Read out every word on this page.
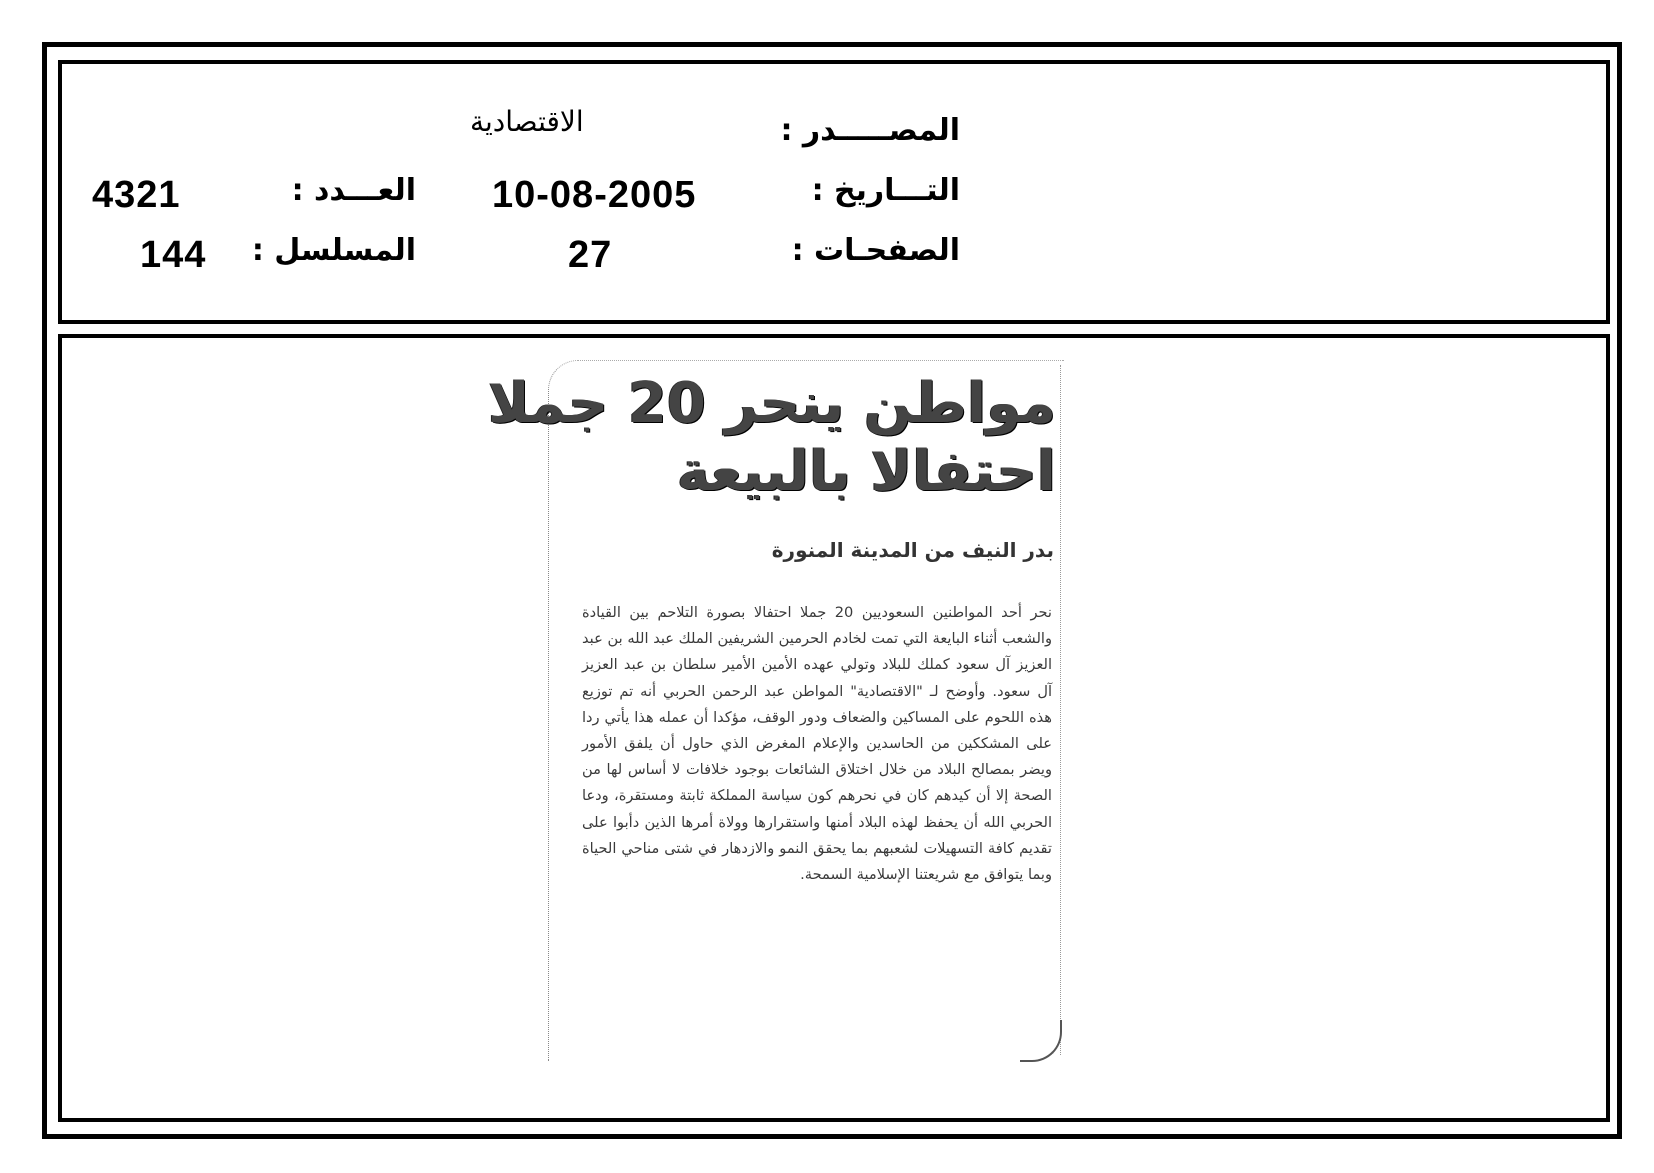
المصـــــدر :
الاقتصادية
التـــاريخ :
10-08-2005
العـــدد :
4321
الصفحـات :
27
المسلسل :
144
مواطن ينحر 20 جملا
احتفالا بالبيعة
بدر النيف من المدينة المنورة
نحر أحد المواطنين السعوديين 20 جملا احتفالا بصورة التلاحم بين القيادة والشعب أثناء البايعة التي تمت لخادم الحرمين الشريفين الملك عبد الله بن عبد العزيز آل سعود كملك للبلاد وتولي عهده الأمين الأمير سلطان بن عبد العزيز آل سعود. وأوضح لـ "الاقتصادية" المواطن عبد الرحمن الحربي أنه تم توزيع هذه اللحوم على المساكين والضعاف ودور الوقف، مؤكدا أن عمله هذا يأتي ردا على المشككين من الحاسدين والإعلام المغرض الذي حاول أن يلفق الأمور ويضر بمصالح البلاد من خلال اختلاق الشائعات بوجود خلافات لا أساس لها من الصحة إلا أن كيدهم كان في نحرهم كون سياسة المملكة ثابتة ومستقرة، ودعا الحربي الله أن يحفظ لهذه البلاد أمنها واستقرارها وولاة أمرها الذين دأبوا على تقديم كافة التسهيلات لشعبهم بما يحقق النمو والازدهار في شتى مناحي الحياة وبما يتوافق مع شريعتنا الإسلامية السمحة.
